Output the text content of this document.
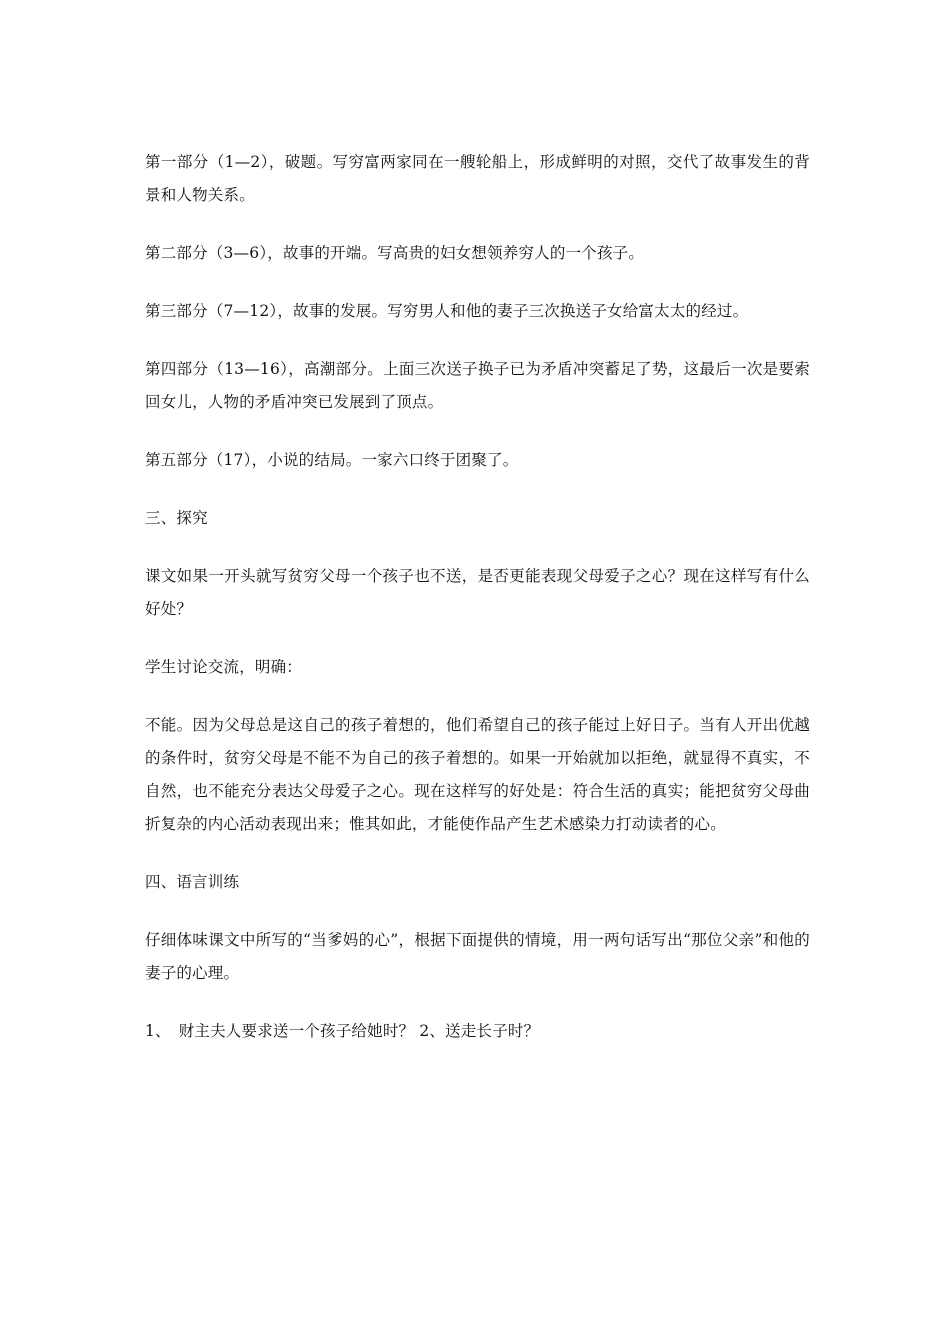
第一部分（1—2），破题。写穷富两家同在一艘轮船上，形成鲜明的对照，交代了故事发生的背景和人物关系。

第二部分（3—6），故事的开端。写高贵的妇女想领养穷人的一个孩子。

第三部分（7—12），故事的发展。写穷男人和他的妻子三次换送子女给富太太的经过。

第四部分（13—16），高潮部分。上面三次送子换子已为矛盾冲突蓄足了势，这最后一次是要索回女儿，人物的矛盾冲突已发展到了顶点。

第五部分（17），小说的结局。一家六口终于团聚了。

三、探究

课文如果一开头就写贫穷父母一个孩子也不送，是否更能表现父母爱子之心？现在这样写有什么好处？

学生讨论交流，明确：

不能。因为父母总是这自己的孩子着想的，他们希望自己的孩子能过上好日子。当有人开出优越的条件时，贫穷父母是不能不为自己的孩子着想的。如果一开始就加以拒绝，就显得不真实，不自然，也不能充分表达父母爱子之心。现在这样写的好处是：符合生活的真实；能把贫穷父母曲折复杂的内心活动表现出来；惟其如此，才能使作品产生艺术感染力打动读者的心。

四、语言训练

仔细体味课文中所写的“当爹妈的心”，根据下面提供的情境，用一两句话写出“那位父亲”和他的妻子的心理。

1、　财主夫人要求送一个孩子给她时？ 2、送走长子时？
